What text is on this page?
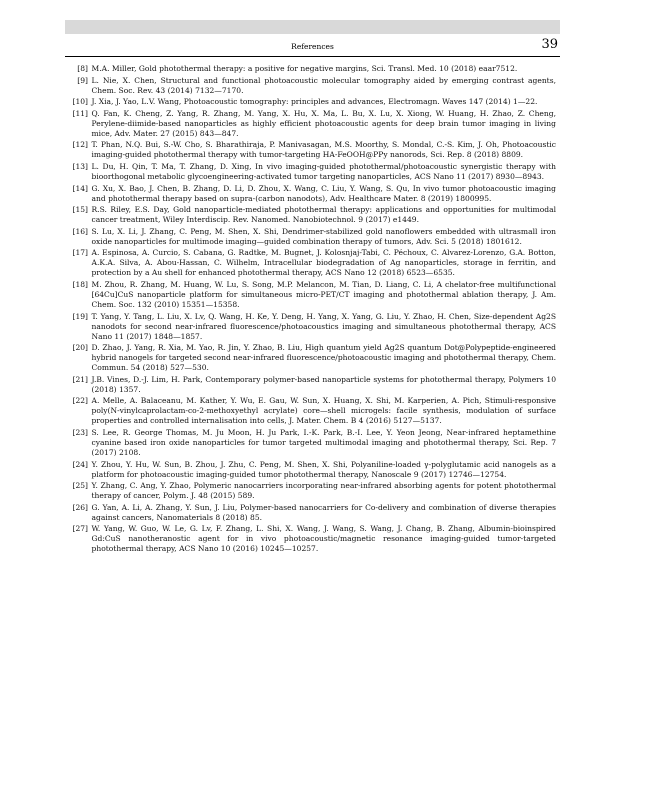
References	39
[8] M.A. Miller, Gold photothermal therapy: a positive for negative margins, Sci. Transl. Med. 10 (2018) eaar7512.
[9] L. Nie, X. Chen, Structural and functional photoacoustic molecular tomography aided by emerging contrast agents, Chem. Soc. Rev. 43 (2014) 7132—7170.
[10] J. Xia, J. Yao, L.V. Wang, Photoacoustic tomography: principles and advances, Electromagn. Waves 147 (2014) 1—22.
[11] Q. Fan, K. Cheng, Z. Yang, R. Zhang, M. Yang, X. Hu, X. Ma, L. Bu, X. Lu, X. Xiong, W. Huang, H. Zhao, Z. Cheng, Perylene-diimide-based nanoparticles as highly efficient photoacoustic agents for deep brain tumor imaging in living mice, Adv. Mater. 27 (2015) 843—847.
[12] T. Phan, N.Q. Bui, S.-W. Cho, S. Bharathiraja, P. Manivasagan, M.S. Moorthy, S. Mondal, C.-S. Kim, J. Oh, Photoacoustic imaging-guided photothermal therapy with tumor-targeting HA-FeOOH@PPy nanorods, Sci. Rep. 8 (2018) 8809.
[13] L. Du, H. Qin, T. Ma, T. Zhang, D. Xing, In vivo imaging-guided photothermal/photoacoustic synergistic therapy with bioorthogonal metabolic glycoengineering-activated tumor targeting nanoparticles, ACS Nano 11 (2017) 8930—8943.
[14] G. Xu, X. Bao, J. Chen, B. Zhang, D. Li, D. Zhou, X. Wang, C. Liu, Y. Wang, S. Qu, In vivo tumor photoacoustic imaging and photothermal therapy based on supra-(carbon nanodots), Adv. Healthcare Mater. 8 (2019) 1800995.
[15] R.S. Riley, E.S. Day, Gold nanoparticle-mediated photothermal therapy: applications and opportunities for multimodal cancer treatment, Wiley Interdiscip. Rev. Nanomed. Nanobiotechnol. 9 (2017) e1449.
[16] S. Lu, X. Li, J. Zhang, C. Peng, M. Shen, X. Shi, Dendrimer-stabilized gold nanoflowers embedded with ultrasmall iron oxide nanoparticles for multimode imaging—guided combination therapy of tumors, Adv. Sci. 5 (2018) 1801612.
[17] A. Espinosa, A. Curcio, S. Cabana, G. Radtke, M. Bugnet, J. Kolosnjaj-Tabi, C. Péchoux, C. Alvarez-Lorenzo, G.A. Botton, A.K.A. Silva, A. Abou-Hassan, C. Wilhelm, Intracellular biodegradation of Ag nanoparticles, storage in ferritin, and protection by a Au shell for enhanced photothermal therapy, ACS Nano 12 (2018) 6523—6535.
[18] M. Zhou, R. Zhang, M. Huang, W. Lu, S. Song, M.P. Melancon, M. Tian, D. Liang, C. Li, A chelator-free multifunctional [64Cu]CuS nanoparticle platform for simultaneous micro-PET/CT imaging and photothermal ablation therapy, J. Am. Chem. Soc. 132 (2010) 15351—15358.
[19] T. Yang, Y. Tang, L. Liu, X. Lv, Q. Wang, H. Ke, Y. Deng, H. Yang, X. Yang, G. Liu, Y. Zhao, H. Chen, Size-dependent Ag2S nanodots for second near-infrared fluorescence/photoacoustics imaging and simultaneous photothermal therapy, ACS Nano 11 (2017) 1848—1857.
[20] D. Zhao, J. Yang, R. Xia, M. Yao, R. Jin, Y. Zhao, B. Liu, High quantum yield Ag2S quantum Dot@Polypeptide-engineered hybrid nanogels for targeted second near-infrared fluorescence/photoacoustic imaging and photothermal therapy, Chem. Commun. 54 (2018) 527—530.
[21] J.B. Vines, D.-J. Lim, H. Park, Contemporary polymer-based nanoparticle systems for photothermal therapy, Polymers 10 (2018) 1357.
[22] A. Melle, A. Balaceanu, M. Kather, Y. Wu, E. Gau, W. Sun, X. Huang, X. Shi, M. Karperien, A. Pich, Stimuli-responsive poly(N-vinylcaprolactam-co-2-methoxyethyl acrylate) core—shell microgels: facile synthesis, modulation of surface properties and controlled internalisation into cells, J. Mater. Chem. B 4 (2016) 5127—5137.
[23] S. Lee, R. George Thomas, M. Ju Moon, H. Ju Park, I.-K. Park, B.-I. Lee, Y. Yeon Jeong, Near-infrared heptamethine cyanine based iron oxide nanoparticles for tumor targeted multimodal imaging and photothermal therapy, Sci. Rep. 7 (2017) 2108.
[24] Y. Zhou, Y. Hu, W. Sun, B. Zhou, J. Zhu, C. Peng, M. Shen, X. Shi, Polyaniline-loaded γ-polyglutamic acid nanogels as a platform for photoacoustic imaging-guided tumor photothermal therapy, Nanoscale 9 (2017) 12746—12754.
[25] Y. Zhang, C. Ang, Y. Zhao, Polymeric nanocarriers incorporating near-infrared absorbing agents for potent photothermal therapy of cancer, Polym. J. 48 (2015) 589.
[26] G. Yan, A. Li, A. Zhang, Y. Sun, J. Liu, Polymer-based nanocarriers for Co-delivery and combination of diverse therapies against cancers, Nanomaterials 8 (2018) 85.
[27] W. Yang, W. Guo, W. Le, G. Lv, F. Zhang, L. Shi, X. Wang, J. Wang, S. Wang, J. Chang, B. Zhang, Albumin-bioinspired Gd:CuS nanotheranostic agent for in vivo photoacoustic/magnetic resonance imaging-guided tumor-targeted photothermal therapy, ACS Nano 10 (2016) 10245—10257.
